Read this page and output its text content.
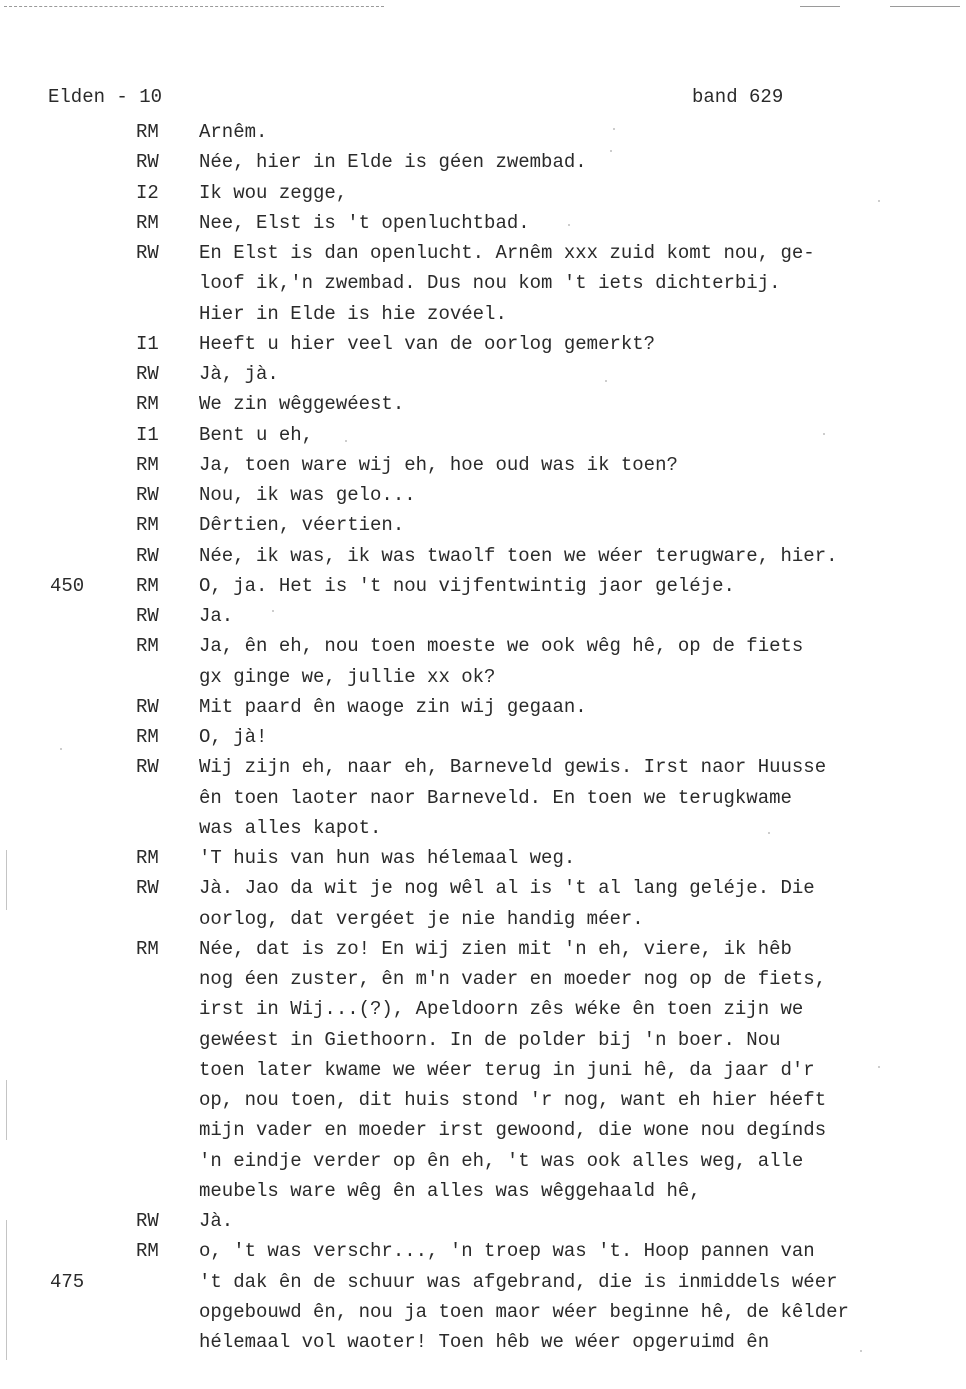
Elden - 10	band 629
RM Arnêm.
RW Née, hier in Elde is géen zwembad.
I2 Ik wou zegge,
RM Nee, Elst is 't openluchtbad.
RW En Elst is dan openlucht. Arnêm xxx zuid komt nou, ge-
loof ik,'n zwembad. Dus nou kom 't iets dichterbij.
Hier in Elde is hie zovéel.
I1 Heeft u hier veel van de oorlog gemerkt?
RW Jà, jà.
RM We zin wêggewéest.
I1 Bent u eh,
RM Ja, toen ware wij eh, hoe oud was ik toen?
RW Nou, ik was gelo...
RM Dêrtien, véertien.
RW Née, ik was, ik was twaolf toen we wéer terugware, hier.
450	RM O, ja. Het is 't nou vijfentwintig jaor geléje.
RW Ja.
RM Ja, ên eh, nou toen moeste we ook wêg hê, op de fiets
gx ginge we, jullie xx ok?
RW Mit paard ên waoge zin wij gegaan.
RM O, jà!
RW Wij zijn eh, naar eh, Barneveld gewis. Irst naor Huusse
ên toen laoter naor Barneveld. En toen we terugkwame
was alles kapot.
RM 'T huis van hun was hélemaal weg.
RW Jà. Jao da wit je nog wêl al is 't al lang geléje. Die
oorlog, dat vergéet je nie handig méer.
RM Née, dat is zo! En wij zien mit 'n eh, viere, ik hêb
nog éen zuster, ên m'n vader en moeder nog op de fiets,
irst in Wij...(?), Apeldoorn zês wéke ên toen zijn we
gewéest in Giethoorn. In de polder bij 'n boer. Nou
toen later kwame we wéer terug in juni hê, da jaar d'r
op, nou toen, dit huis stond 'r nog, want eh hier héeft
mijn vader en moeder irst gewoond, die wone nou degínds
'n eindje verder op ên eh, 't was ook alles weg, alle
meubels ware wêg ên alles was wêggehaald hê,
RW Jà.
RM o, 't was verschr..., 'n troep was 't. Hoop pannen van
475	't dak ên de schuur was afgebrand, die is inmiddels wéer
opgebouwd ên, nou ja toen maor wéer beginne hê, de kêlder
hélemaal vol waoter! Toen hêb we wéer opgeruimd ên
